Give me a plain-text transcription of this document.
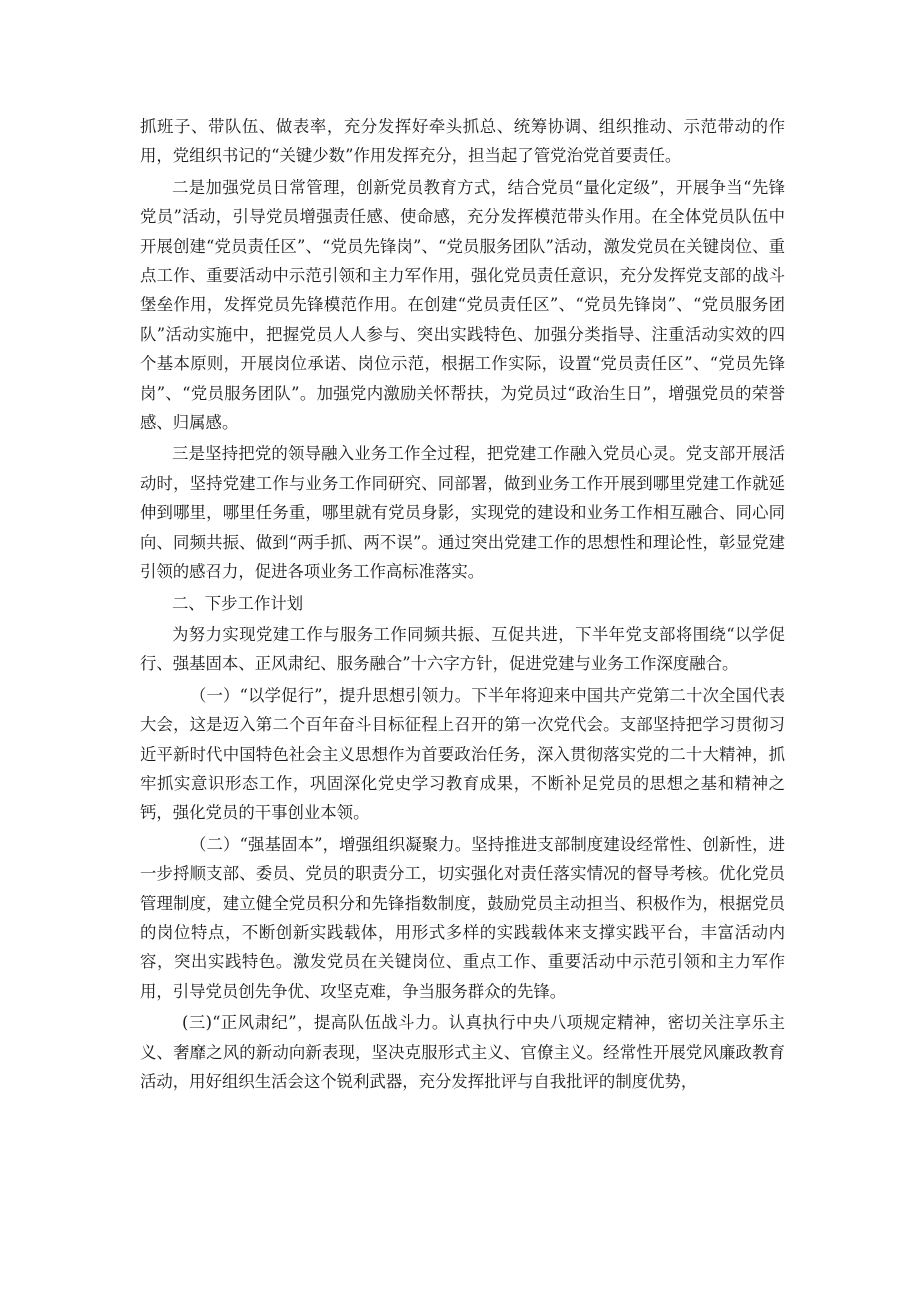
抓班子、带队伍、做表率，充分发挥好牵头抓总、统筹协调、组织推动、示范带动的作用，党组织书记的“关键少数”作用发挥充分，担当起了管党治党首要责任。

二是加强党员日常管理，创新党员教育方式，结合党员“量化定级”，开展争当“先锋党员”活动，引导党员增强责任感、使命感，充分发挥模范带头作用。在全体党员队伍中开展创建“党员责任区”、“党员先锋岗”、“党员服务团队”活动，激发党员在关键岗位、重点工作、重要活动中示范引领和主力军作用，强化党员责任意识，充分发挥党支部的战斗堡垒作用，发挥党员先锋模范作用。在创建“党员责任区”、“党员先锋岗”、“党员服务团队”活动实施中，把握党员人人参与、突出实践特色、加强分类指导、注重活动实效的四个基本原则，开展岗位承诺、岗位示范，根据工作实际，设置“党员责任区”、“党员先锋岗”、“党员服务团队”。加强党内激励关怀帮扶，为党员过“政治生日”，增强党员的荣誉感、归属感。

三是坚持把党的领导融入业务工作全过程，把党建工作融入党员心灵。党支部开展活动时，坚持党建工作与业务工作同研究、同部署，做到业务工作开展到哪里党建工作就延伸到哪里，哪里任务重，哪里就有党员身影，实现党的建设和业务工作相互融合、同心同向、同频共振、做到“两手抓、两不误”。通过突出党建工作的思想性和理论性，彰显党建引领的感召力，促进各项业务工作高标准落实。

二、下步工作计划

为努力实现党建工作与服务工作同频共振、互促共进，下半年党支部将围绕“以学促行、强基固本、正风肃纪、服务融合”十六字方针，促进党建与业务工作深度融合。

（一）“以学促行”，提升思想引领力。下半年将迎来中国共产党第二十次全国代表大会，这是迈入第二个百年奋斗目标征程上召开的第一次党代会。支部坚持把学习贯彻习近平新时代中国特色社会主义思想作为首要政治任务，深入贯彻落实党的二十大精神，抓牢抓实意识形态工作，巩固深化党史学习教育成果，不断补足党员的思想之基和精神之钙，强化党员的干事创业本领。

（二）“强基固本”，增强组织凝聚力。坚持推进支部制度建设经常性、创新性，进一步捋顺支部、委员、党员的职责分工，切实强化对责任落实情况的督导考核。优化党员管理制度，建立健全党员积分和先锋指数制度，鼓励党员主动担当、积极作为，根据党员的岗位特点，不断创新实践载体，用形式多样的实践载体来支撑实践平台，丰富活动内容，突出实践特色。激发党员在关键岗位、重点工作、重要活动中示范引领和主力军作用，引导党员创先争优、攻坚克难，争当服务群众的先锋。

(三)“正风肃纪”，提高队伍战斗力。认真执行中央八项规定精神，密切关注享乐主义、奢靡之风的新动向新表现，坚决克服形式主义、官僚主义。经常性开展党风廉政教育活动，用好组织生活会这个锐利武器，充分发挥批评与自我批评的制度优势，
